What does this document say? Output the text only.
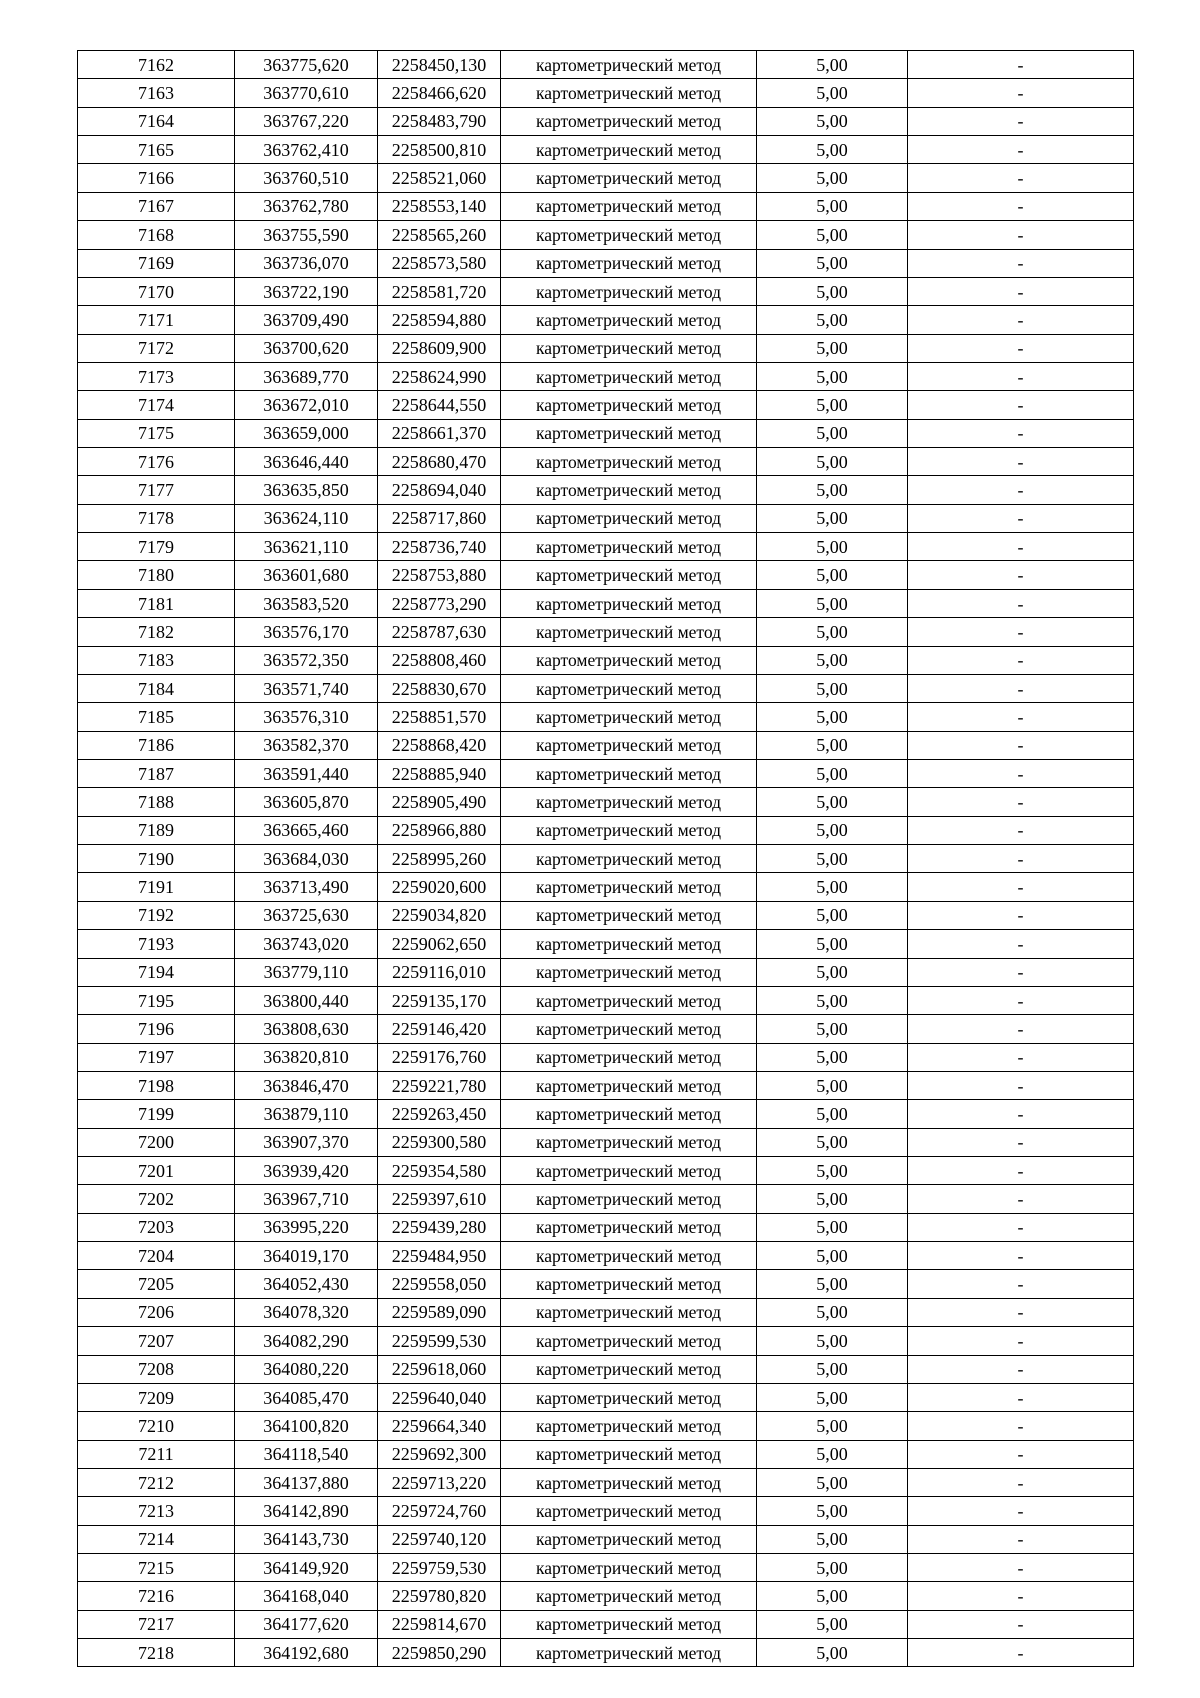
7162	363775,620	2258450,130	картометрический метод	5,00	-
7163	363770,610	2258466,620	картометрический метод	5,00	-
7164	363767,220	2258483,790	картометрический метод	5,00	-
7165	363762,410	2258500,810	картометрический метод	5,00	-
7166	363760,510	2258521,060	картометрический метод	5,00	-
7167	363762,780	2258553,140	картометрический метод	5,00	-
7168	363755,590	2258565,260	картометрический метод	5,00	-
7169	363736,070	2258573,580	картометрический метод	5,00	-
7170	363722,190	2258581,720	картометрический метод	5,00	-
7171	363709,490	2258594,880	картометрический метод	5,00	-
7172	363700,620	2258609,900	картометрический метод	5,00	-
7173	363689,770	2258624,990	картометрический метод	5,00	-
7174	363672,010	2258644,550	картометрический метод	5,00	-
7175	363659,000	2258661,370	картометрический метод	5,00	-
7176	363646,440	2258680,470	картометрический метод	5,00	-
7177	363635,850	2258694,040	картометрический метод	5,00	-
7178	363624,110	2258717,860	картометрический метод	5,00	-
7179	363621,110	2258736,740	картометрический метод	5,00	-
7180	363601,680	2258753,880	картометрический метод	5,00	-
7181	363583,520	2258773,290	картометрический метод	5,00	-
7182	363576,170	2258787,630	картометрический метод	5,00	-
7183	363572,350	2258808,460	картометрический метод	5,00	-
7184	363571,740	2258830,670	картометрический метод	5,00	-
7185	363576,310	2258851,570	картометрический метод	5,00	-
7186	363582,370	2258868,420	картометрический метод	5,00	-
7187	363591,440	2258885,940	картометрический метод	5,00	-
7188	363605,870	2258905,490	картометрический метод	5,00	-
7189	363665,460	2258966,880	картометрический метод	5,00	-
7190	363684,030	2258995,260	картометрический метод	5,00	-
7191	363713,490	2259020,600	картометрический метод	5,00	-
7192	363725,630	2259034,820	картометрический метод	5,00	-
7193	363743,020	2259062,650	картометрический метод	5,00	-
7194	363779,110	2259116,010	картометрический метод	5,00	-
7195	363800,440	2259135,170	картометрический метод	5,00	-
7196	363808,630	2259146,420	картометрический метод	5,00	-
7197	363820,810	2259176,760	картометрический метод	5,00	-
7198	363846,470	2259221,780	картометрический метод	5,00	-
7199	363879,110	2259263,450	картометрический метод	5,00	-
7200	363907,370	2259300,580	картометрический метод	5,00	-
7201	363939,420	2259354,580	картометрический метод	5,00	-
7202	363967,710	2259397,610	картометрический метод	5,00	-
7203	363995,220	2259439,280	картометрический метод	5,00	-
7204	364019,170	2259484,950	картометрический метод	5,00	-
7205	364052,430	2259558,050	картометрический метод	5,00	-
7206	364078,320	2259589,090	картометрический метод	5,00	-
7207	364082,290	2259599,530	картометрический метод	5,00	-
7208	364080,220	2259618,060	картометрический метод	5,00	-
7209	364085,470	2259640,040	картометрический метод	5,00	-
7210	364100,820	2259664,340	картометрический метод	5,00	-
7211	364118,540	2259692,300	картометрический метод	5,00	-
7212	364137,880	2259713,220	картометрический метод	5,00	-
7213	364142,890	2259724,760	картометрический метод	5,00	-
7214	364143,730	2259740,120	картометрический метод	5,00	-
7215	364149,920	2259759,530	картометрический метод	5,00	-
7216	364168,040	2259780,820	картометрический метод	5,00	-
7217	364177,620	2259814,670	картометрический метод	5,00	-
7218	364192,680	2259850,290	картометрический метод	5,00	-
